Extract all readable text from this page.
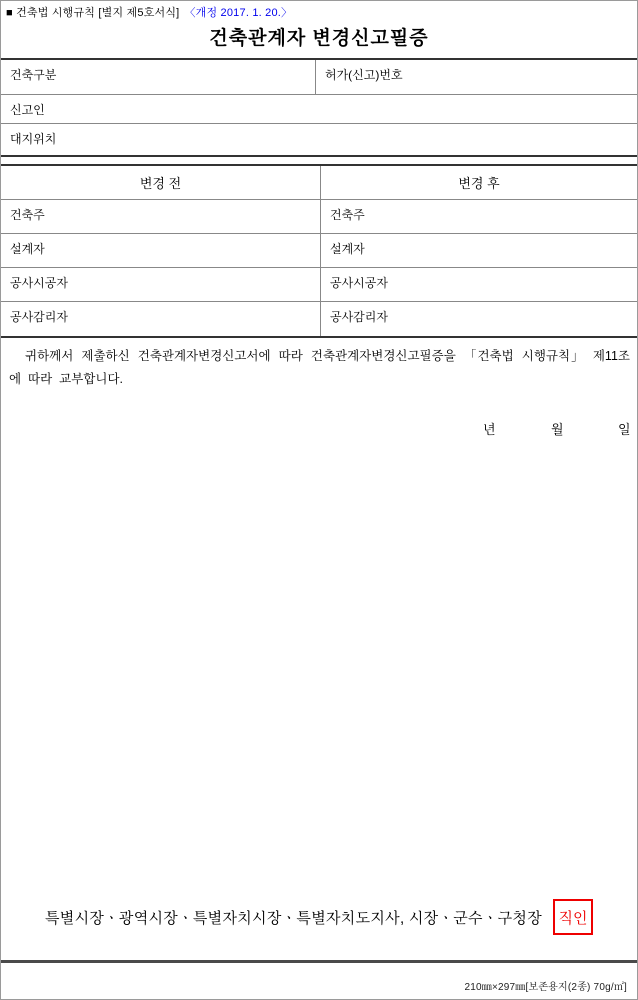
■ 건축법 시행규칙 [별지 제5호서식] 〈개정 2017. 1. 20.〉
건축관계자 변경신고필증
건축구분	허가(신고)번호
신고인
대지위치
변경 전	변경 후
건축주	건축주
설계자	설계자
공사시공자	공사시공자
공사감리자	공사감리자

귀하께서 제출하신 건축관계자변경신고서에 따라 건축관계자변경신고필증을 「건축법 시행규칙」 제11조에 따라 교부합니다.

년	월	일
특별시장ㆍ광역시장ㆍ특별자치시장ㆍ특별자치도지사, 시장ㆍ군수ㆍ구청장	직인
210㎜×297㎜[보존용지(2종) 70g/㎡]
